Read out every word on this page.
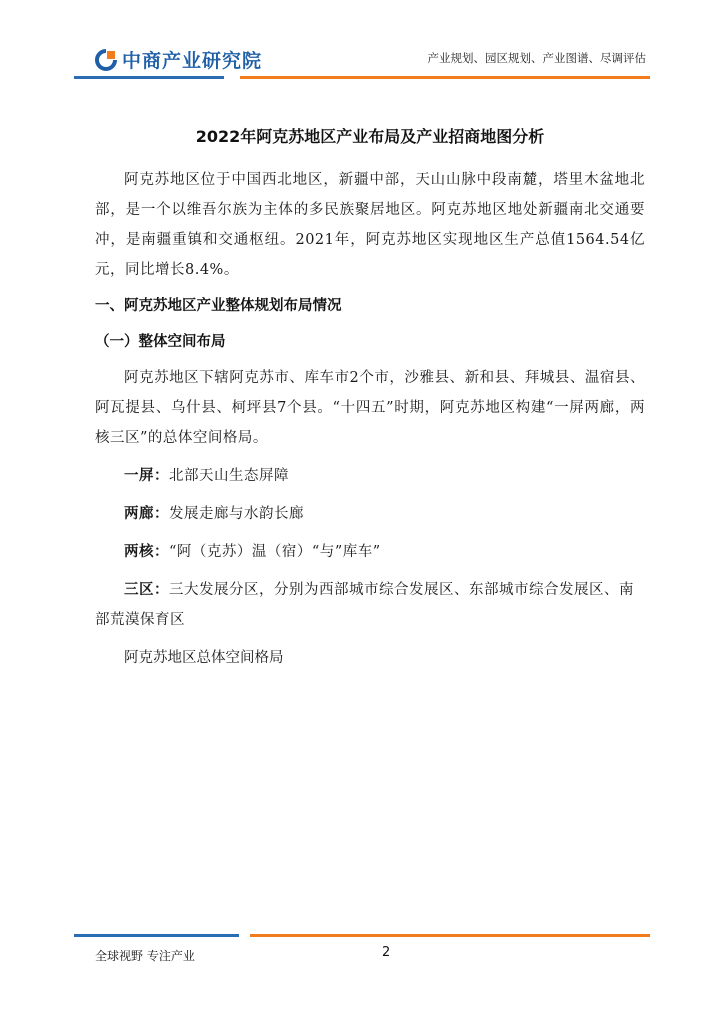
中商产业研究院	产业规划、园区规划、产业图谱、尽调评估
2022年阿克苏地区产业布局及产业招商地图分析

阿克苏地区位于中国西北地区，新疆中部，天山山脉中段南麓，塔里木盆地北部，是一个以维吾尔族为主体的多民族聚居地区。阿克苏地区地处新疆南北交通要冲，是南疆重镇和交通枢纽。2021年，阿克苏地区实现地区生产总值1564.54亿元，同比增长8.4%。

一、阿克苏地区产业整体规划布局情况
（一）整体空间布局

阿克苏地区下辖阿克苏市、库车市2个市，沙雅县、新和县、拜城县、温宿县、阿瓦提县、乌什县、柯坪县7个县。“十四五”时期，阿克苏地区构建“一屏两廊，两核三区”的总体空间格局。

一屏：北部天山生态屏障

两廊：发展走廊与水韵长廊

两核：“阿（克苏）温（宿）“与”库车”

三区：三大发展分区，分别为西部城市综合发展区、东部城市综合发展区、南部荒漠保育区

阿克苏地区总体空间格局

全球视野 专注产业	2
